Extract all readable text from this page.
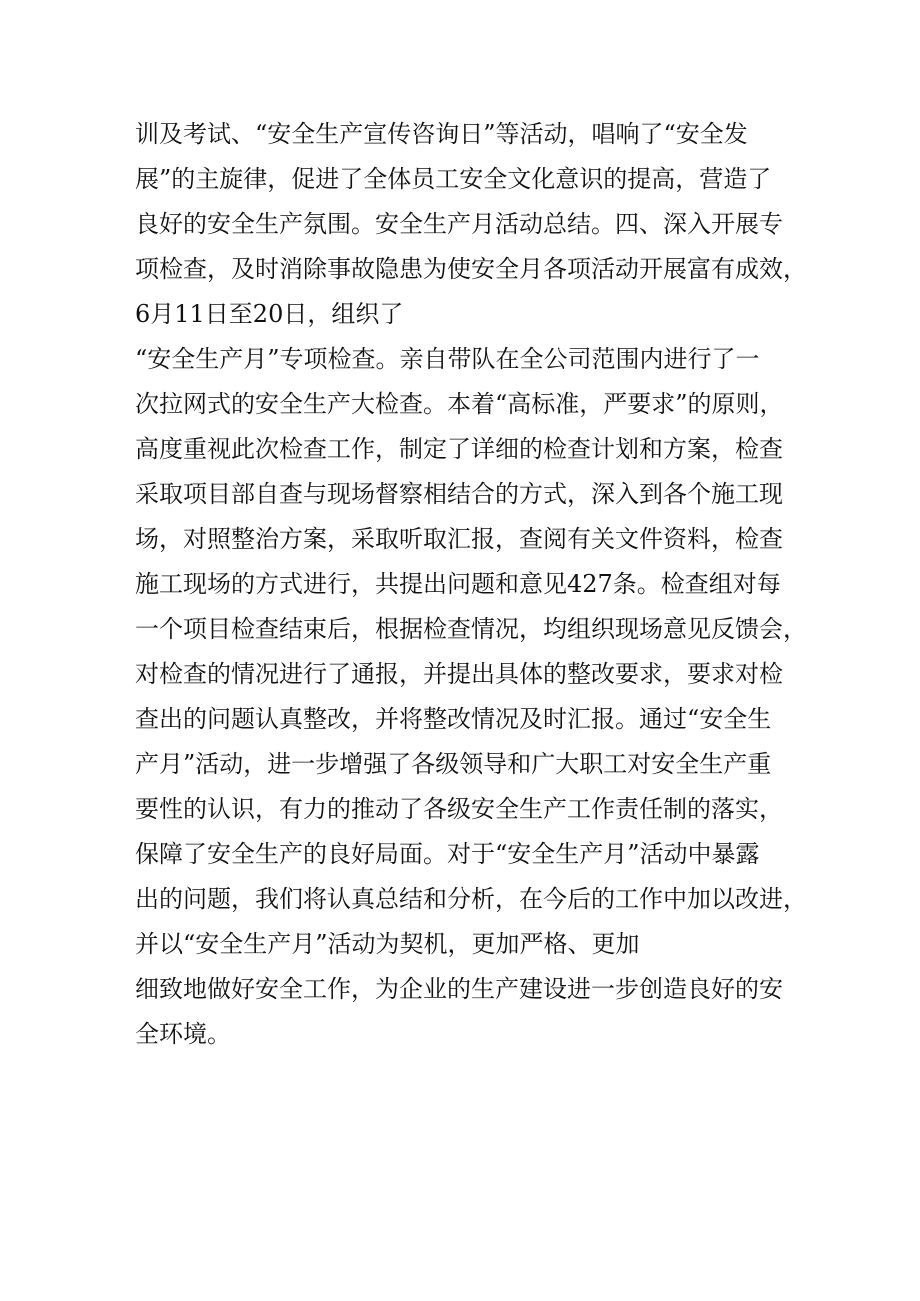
训及考试、“安全生产宣传咨询日”等活动，唱响了“安全发
展”的主旋律，促进了全体员工安全文化意识的提高，营造了
良好的安全生产氛围。安全生产月活动总结。四、深入开展专
项检查，及时消除事故隐患为使安全月各项活动开展富有成效，
6月11日至20日，组织了
“安全生产月”专项检查。亲自带队在全公司范围内进行了一
次拉网式的安全生产大检查。本着“高标准，严要求”的原则，
高度重视此次检查工作，制定了详细的检查计划和方案，检查
采取项目部自查与现场督察相结合的方式，深入到各个施工现
场，对照整治方案，采取听取汇报，查阅有关文件资料，检查
施工现场的方式进行，共提出问题和意见427条。检查组对每
一个项目检查结束后，根据检查情况，均组织现场意见反馈会，
对检查的情况进行了通报，并提出具体的整改要求，要求对检
查出的问题认真整改，并将整改情况及时汇报。通过“安全生
产月”活动，进一步增强了各级领导和广大职工对安全生产重
要性的认识，有力的推动了各级安全生产工作责任制的落实，
保障了安全生产的良好局面。对于“安全生产月”活动中暴露
出的问题，我们将认真总结和分析，在今后的工作中加以改进，
并以“安全生产月”活动为契机，更加严格、更加
细致地做好安全工作，为企业的生产建设进一步创造良好的安
全环境。
